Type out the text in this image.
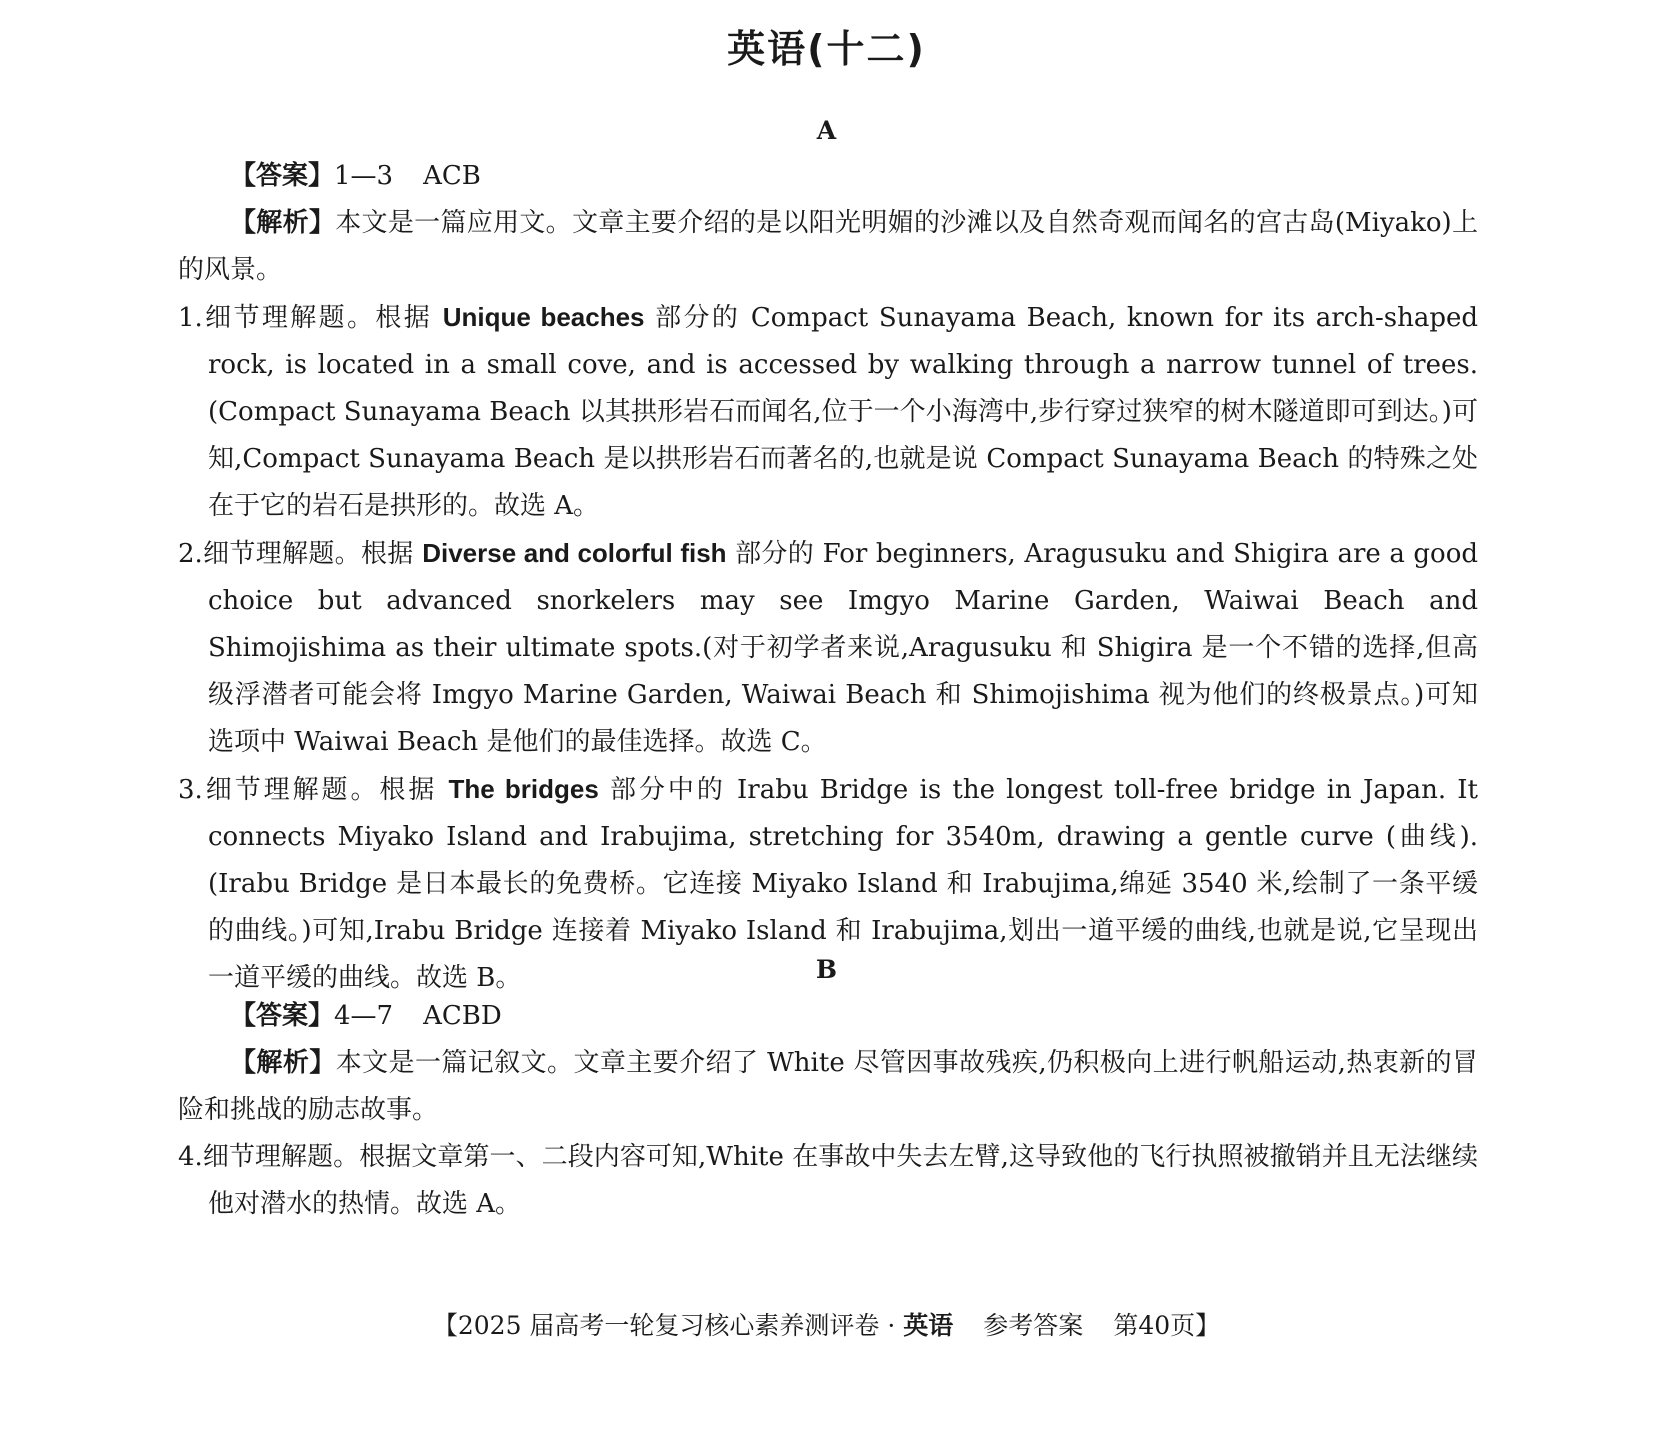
英语(十二)
A

【答案】1—3 ACB

【解析】本文是一篇应用文。文章主要介绍的是以阳光明媚的沙滩以及自然奇观而闻名的宫古岛(Miyako)上的风景。

1.细节理解题。根据 Unique beaches 部分的 Compact Sunayama Beach, known for its arch-shaped rock, is located in a small cove, and is accessed by walking through a narrow tunnel of trees.(Compact Sunayama Beach 以其拱形岩石而闻名,位于一个小海湾中,步行穿过狭窄的树木隧道即可到达。)可知,Compact Sunayama Beach 是以拱形岩石而著名的,也就是说 Compact Sunayama Beach 的特殊之处在于它的岩石是拱形的。故选 A。

2.细节理解题。根据 Diverse and colorful fish 部分的 For beginners, Aragusuku and Shigira are a good choice but advanced snorkelers may see Imgyo Marine Garden, Waiwai Beach and Shimojishima as their ultimate spots.(对于初学者来说,Aragusuku 和 Shigira 是一个不错的选择,但高级浮潜者可能会将 Imgyo Marine Garden, Waiwai Beach 和 Shimojishima 视为他们的终极景点。)可知选项中 Waiwai Beach 是他们的最佳选择。故选 C。

3.细节理解题。根据 The bridges 部分中的 Irabu Bridge is the longest toll-free bridge in Japan. It connects Miyako Island and Irabujima, stretching for 3540m, drawing a gentle curve (曲线).(Irabu Bridge 是日本最长的免费桥。它连接 Miyako Island 和 Irabujima,绵延 3540 米,绘制了一条平缓的曲线。)可知,Irabu Bridge 连接着 Miyako Island 和 Irabujima,划出一道平缓的曲线,也就是说,它呈现出一道平缓的曲线。故选 B。	B

【答案】4—7 ACBD

【解析】本文是一篇记叙文。文章主要介绍了 White 尽管因事故残疾,仍积极向上进行帆船运动,热衷新的冒险和挑战的励志故事。

4.细节理解题。根据文章第一、二段内容可知,White 在事故中失去左臂,这导致他的飞行执照被撤销并且无法继续他对潜水的热情。故选 A。

【2025 届高考一轮复习核心素养测评卷 · 英语 参考答案 第40页】
